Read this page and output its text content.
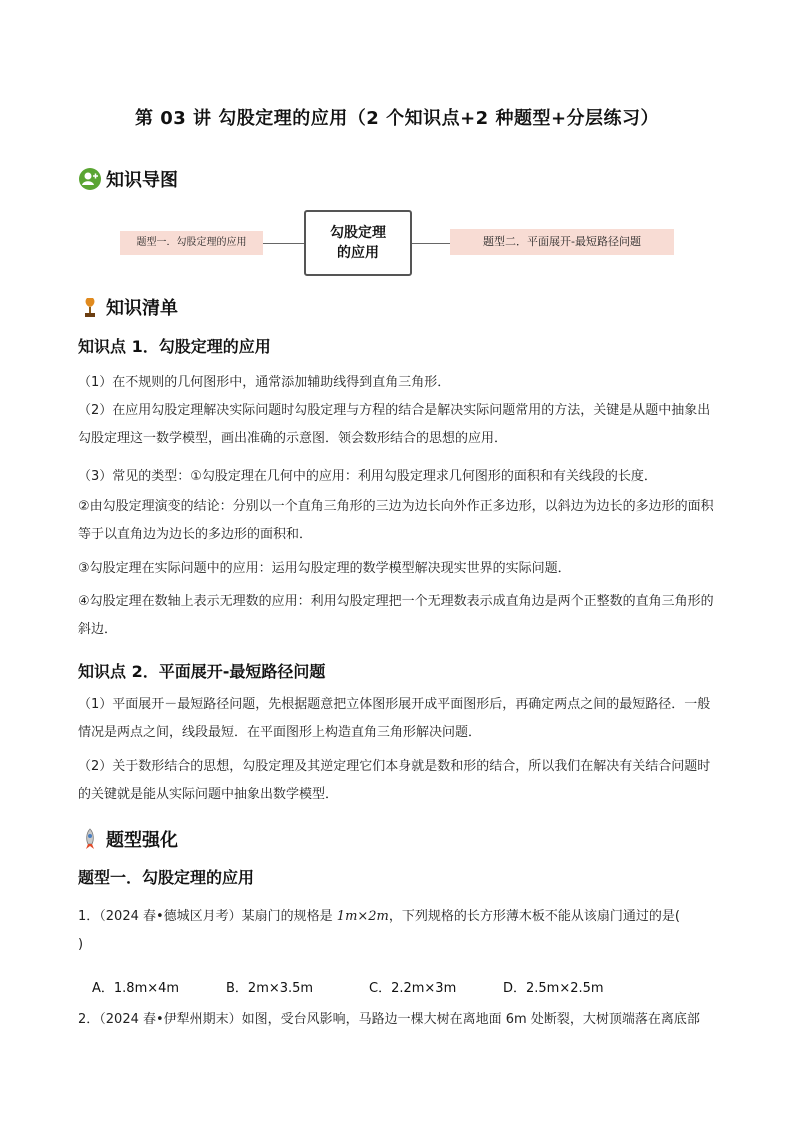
第 03 讲 勾股定理的应用（2 个知识点+2 种题型+分层练习）
知识导图
题型一．勾股定理的应用
勾股定理的应用
题型二．平面展开-最短路径问题
知识清单
知识点 1．勾股定理的应用
（1）在不规则的几何图形中，通常添加辅助线得到直角三角形．
（2）在应用勾股定理解决实际问题时勾股定理与方程的结合是解决实际问题常用的方法，关键是从题中抽象出勾股定理这一数学模型，画出准确的示意图．领会数形结合的思想的应用．
（3）常见的类型：①勾股定理在几何中的应用：利用勾股定理求几何图形的面积和有关线段的长度．
②由勾股定理演变的结论：分别以一个直角三角形的三边为边长向外作正多边形，以斜边为边长的多边形的面积等于以直角边为边长的多边形的面积和．
③勾股定理在实际问题中的应用：运用勾股定理的数学模型解决现实世界的实际问题．
④勾股定理在数轴上表示无理数的应用：利用勾股定理把一个无理数表示成直角边是两个正整数的直角三角形的斜边．
知识点 2．平面展开-最短路径问题
（1）平面展开－最短路径问题，先根据题意把立体图形展开成平面图形后，再确定两点之间的最短路径．一般情况是两点之间，线段最短．在平面图形上构造直角三角形解决问题．
（2）关于数形结合的思想，勾股定理及其逆定理它们本身就是数和形的结合，所以我们在解决有关结合问题时的关键就是能从实际问题中抽象出数学模型．
题型强化
题型一．勾股定理的应用
1．（2024 春•德城区月考）某扇门的规格是 1m×2m，下列规格的长方形薄木板不能从该扇门通过的是(
)
A．1.8m×4m	B．2m×3.5m	C．2.2m×3m	D．2.5m×2.5m
2．（2024 春•伊犁州期末）如图，受台风影响，马路边一棵大树在离地面 6m 处断裂，大树顶端落在离底部
